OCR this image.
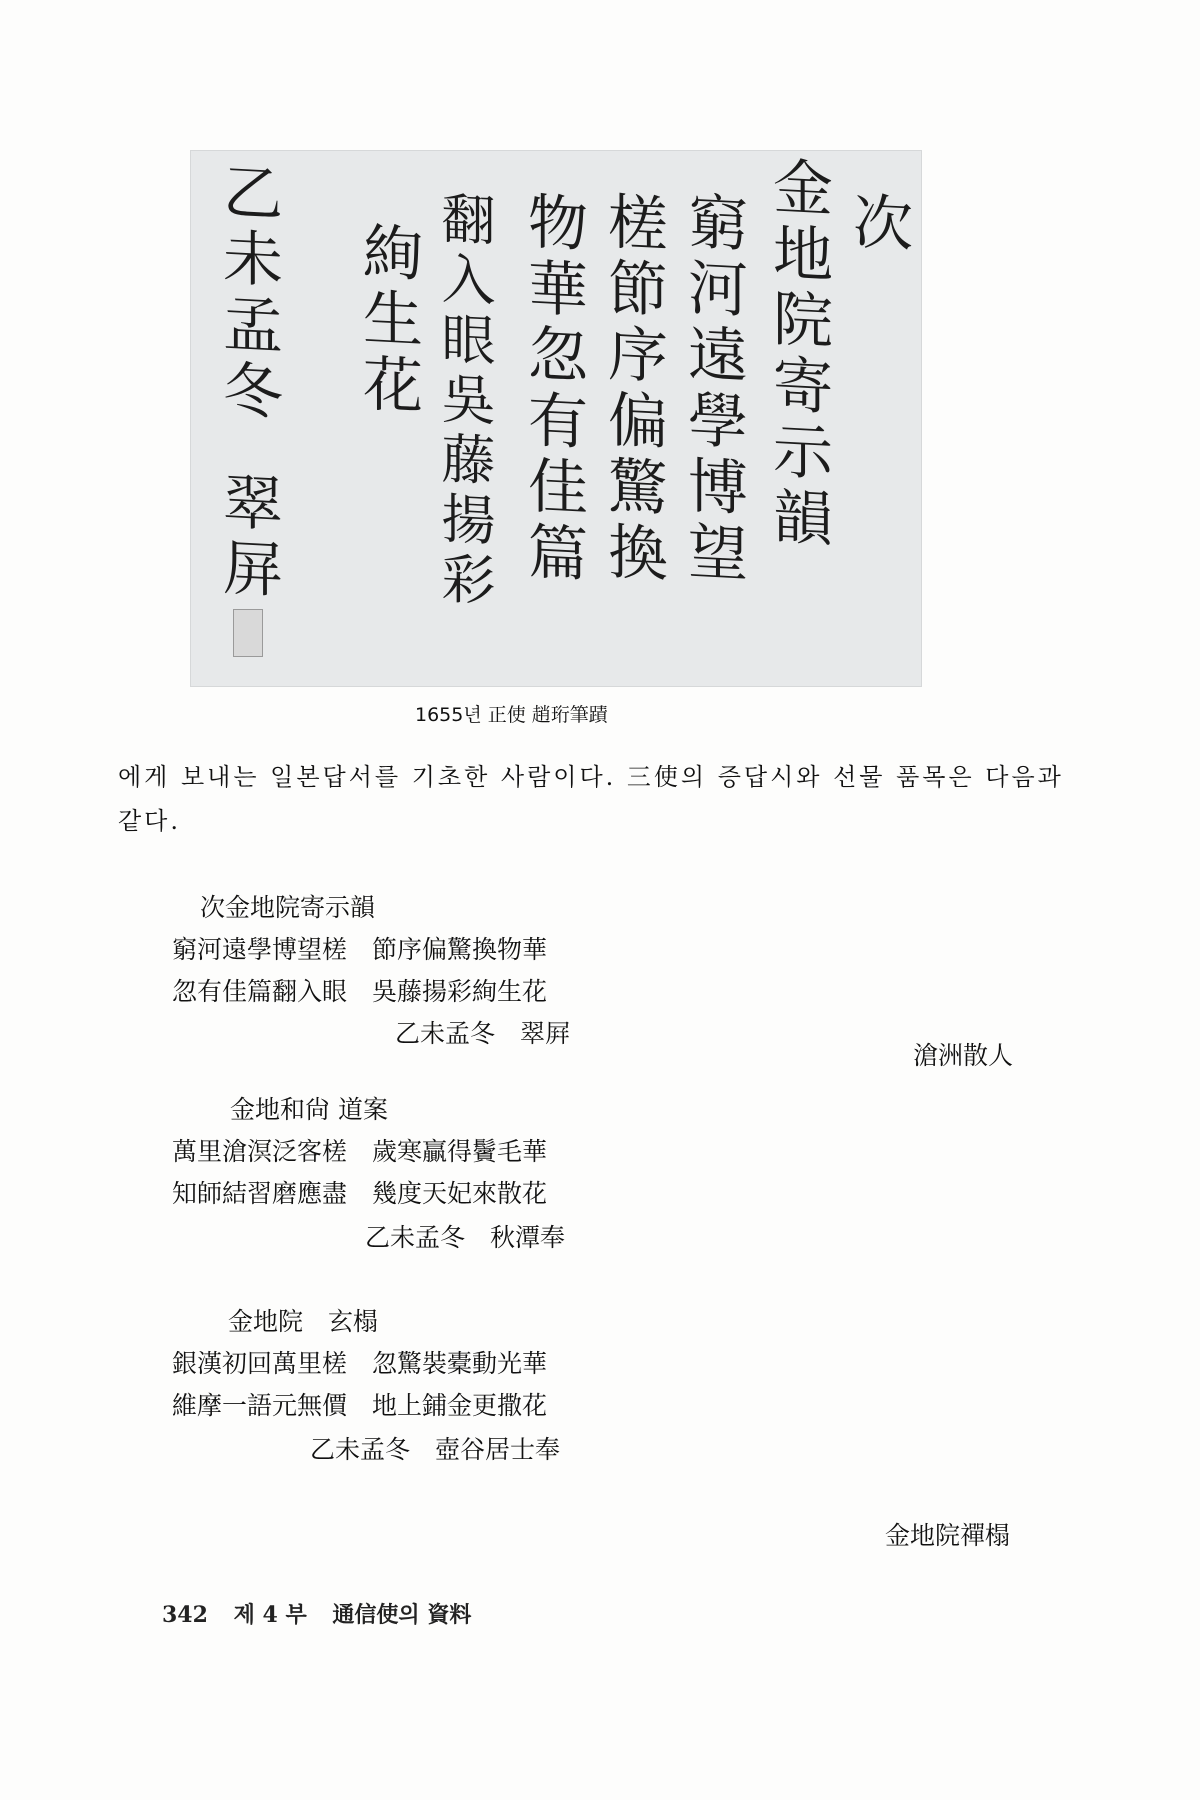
次
金地院寄示韻
窮河遠學博望
槎節序偏驚換
物華忽有佳篇
翻入眼吳藤揚彩
絢生花
乙未孟冬
翠屏
1655년 正使 趙珩筆蹟
에게 보내는 일본답서를 기초한 사람이다. 三使의 증답시와 선물 품목은 다음과 같다.
次金地院寄示韻
窮河遠學博望槎　節序偏驚換物華
忽有佳篇翻入眼　吳藤揚彩絢生花
乙未孟冬　翠屛
滄洲散人
金地和尙 道案
萬里滄溟泛客槎　歲寒贏得鬢毛華
知師結習磨應盡　幾度天妃來散花
乙未孟冬　秋潭奉
金地院　玄榻
銀漢初回萬里槎　忽驚裝橐動光華
維摩一語元無價　地上鋪金更撒花
乙未孟冬　壺谷居士奉
金地院禪榻
342 제 4 부 通信使의 資料
